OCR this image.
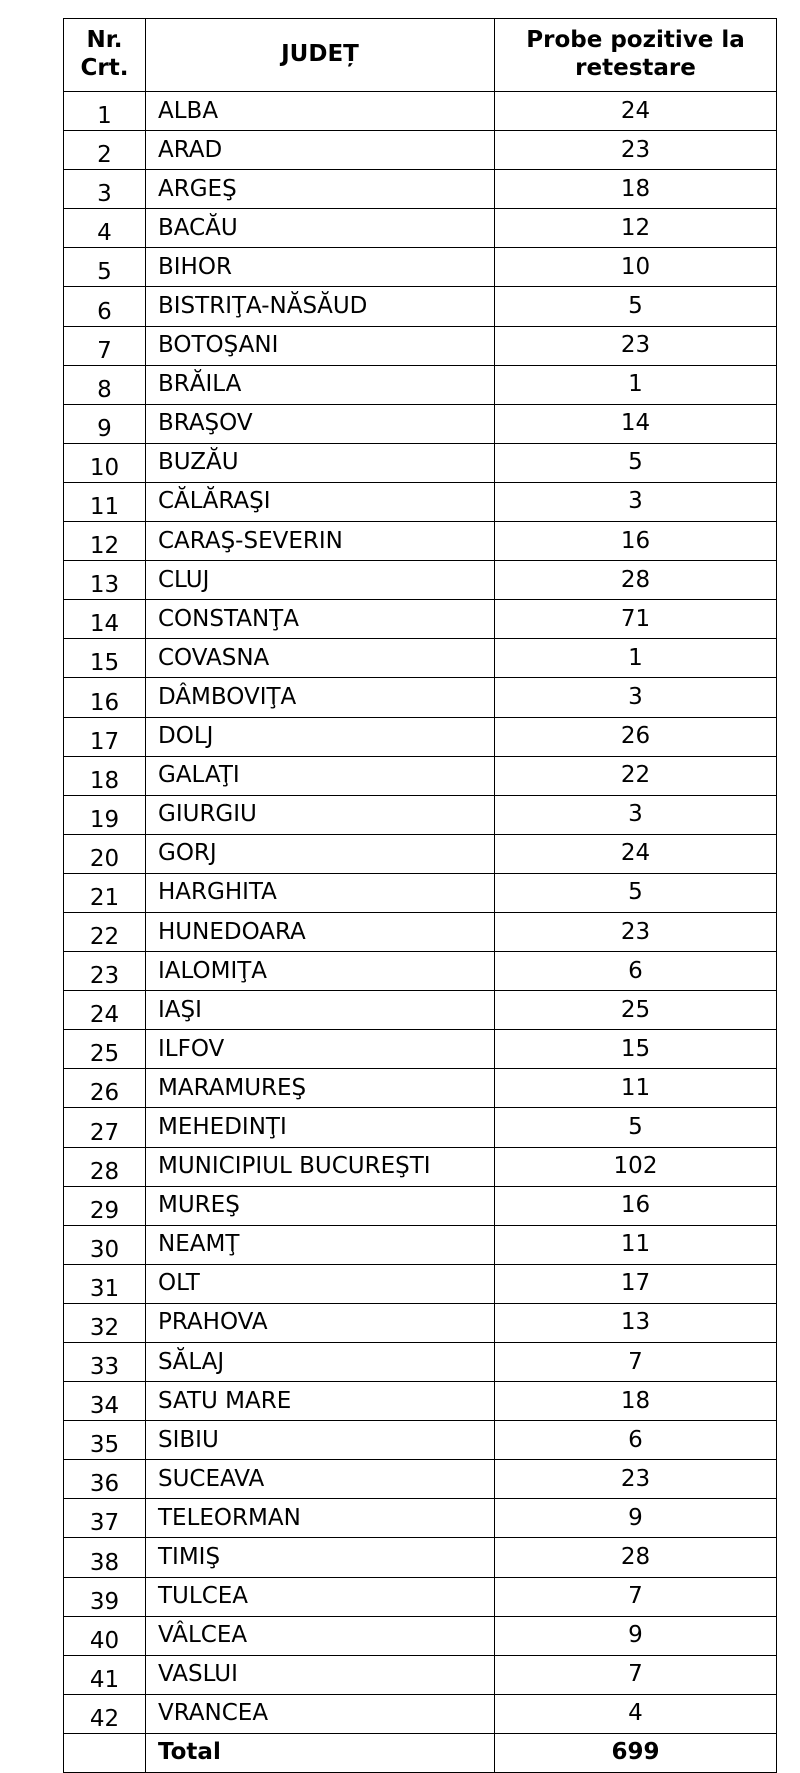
Nr. Crt.	JUDEȚ	Probe pozitive la retestare

1	ALBA	24
2	ARAD	23
3	ARGEŞ	18
4	BACĂU	12
5	BIHOR	10
6	BISTRIŢA-NĂSĂUD	5
7	BOTOŞANI	23
8	BRĂILA	1
9	BRAŞOV	14
10	BUZĂU	5
11	CĂLĂRAŞI	3
12	CARAŞ-SEVERIN	16
13	CLUJ	28
14	CONSTANŢA	71
15	COVASNA	1
16	DÂMBOVIŢA	3
17	DOLJ	26
18	GALAŢI	22
19	GIURGIU	3
20	GORJ	24
21	HARGHITA	5
22	HUNEDOARA	23
23	IALOMIŢA	6
24	IAŞI	25
25	ILFOV	15
26	MARAMUREŞ	11
27	MEHEDINŢI	5
28	MUNICIPIUL BUCUREŞTI	102
29	MUREŞ	16
30	NEAMŢ	11
31	OLT	17
32	PRAHOVA	13
33	SĂLAJ	7
34	SATU MARE	18
35	SIBIU	6
36	SUCEAVA	23
37	TELEORMAN	9
38	TIMIŞ	28
39	TULCEA	7
40	VÂLCEA	9
41	VASLUI	7
42	VRANCEA	4
	Total	699
